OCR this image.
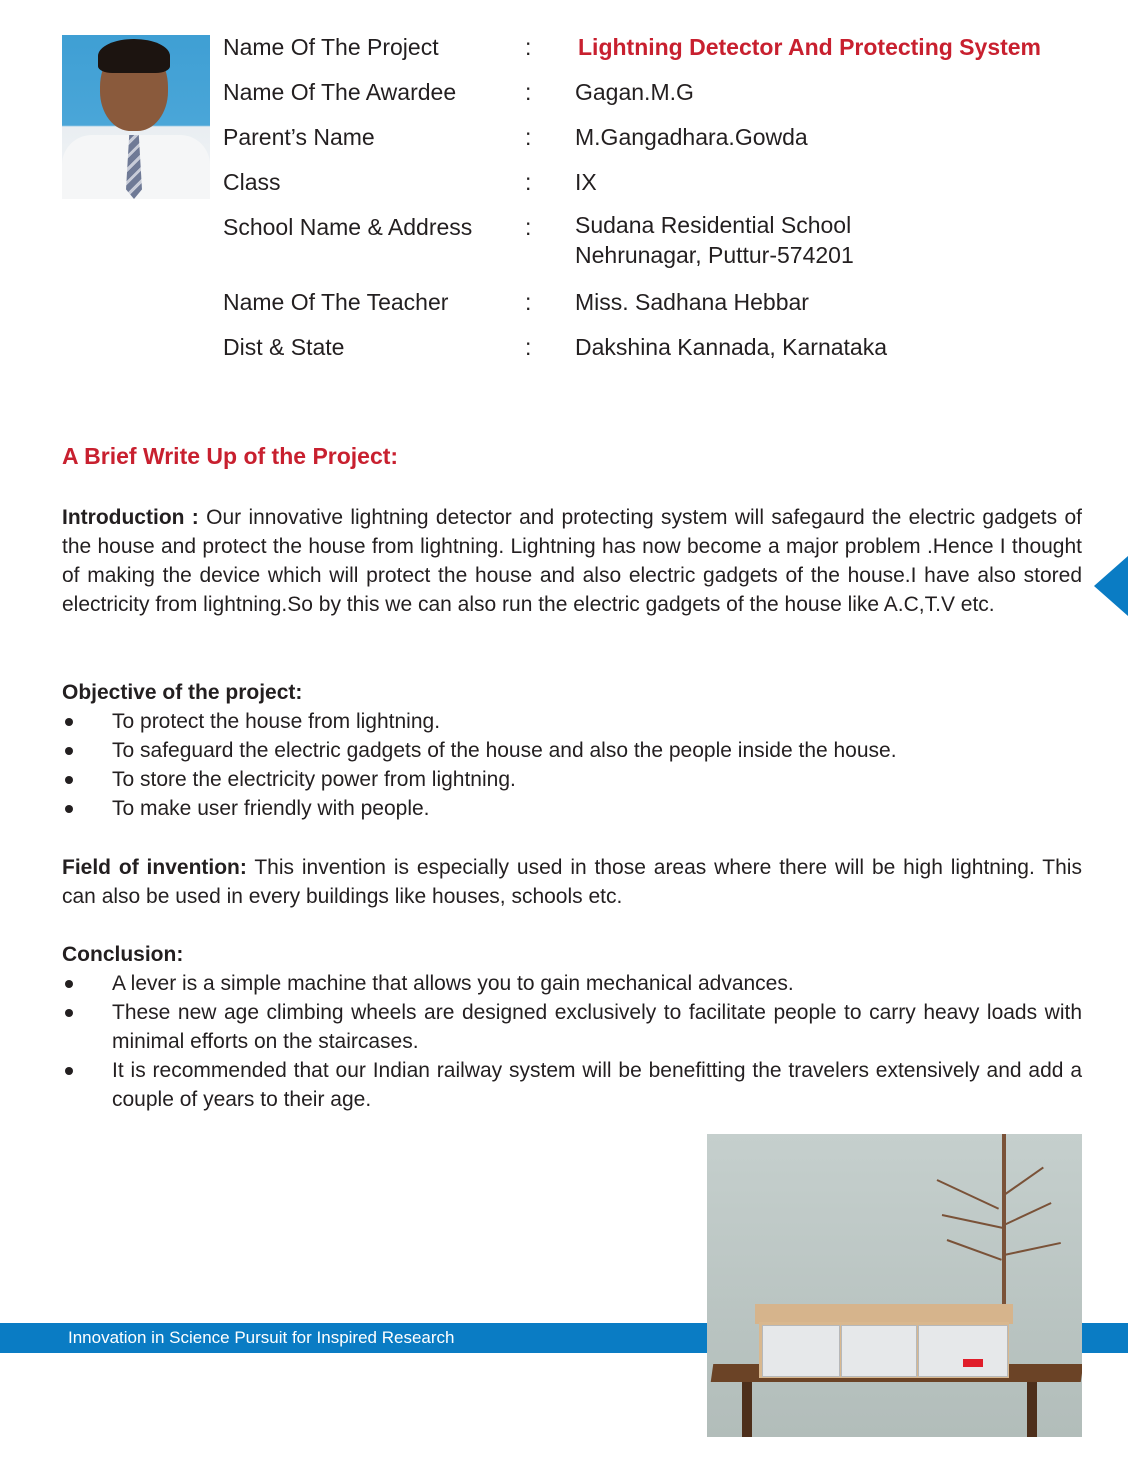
Name Of The Project	: Lightning Detector And Protecting System
Name Of The Awardee	: Gagan.M.G
Parent’s Name	: M.Gangadhara.Gowda
Class	: IX
School Name & Address : Sudana Residential School
Nehrunagar, Puttur-574201
Name Of The Teacher	: Miss. Sadhana Hebbar
Dist & State	: Dakshina Kannada, Karnataka
A Brief Write Up of the Project:
Introduction : Our innovative lightning detector and protecting system will safegaurd the electric gadgets of the house and protect the house from lightning. Lightning has now become a major problem .Hence I thought of making the device which will protect the house and also electric gadgets of the house.I have also stored electricity from lightning.So by this we can also run the electric gadgets of the house like A.C,T.V etc.
Objective of the project:
To protect the house from lightning.
To safeguard the electric gadgets of the house and also the people inside the house.
To store the electricity power from lightning.
To make user friendly with people.
Field of invention: This invention is especially used in those areas where there will be high lightning. This can also be used in every buildings like houses, schools etc.
Conclusion:
A lever is a simple machine that allows you to gain mechanical advances.
These new age climbing wheels are designed exclusively to facilitate people to carry heavy loads with minimal efforts on the staircases.
It is recommended that our Indian railway system will be benefitting the travelers extensively and add a couple of years to their age.
Innovation in Science Pursuit for Inspired Research
